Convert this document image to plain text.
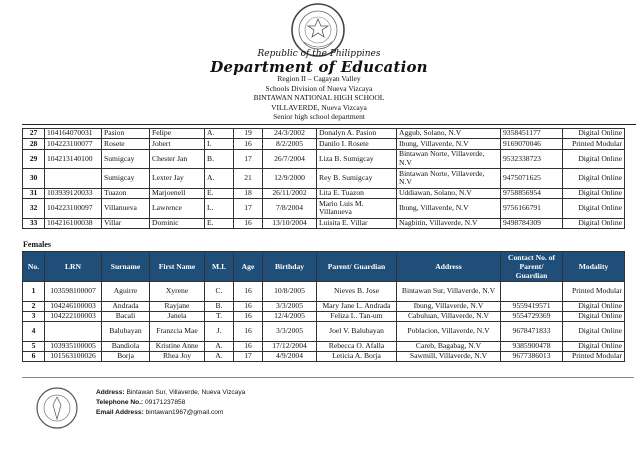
Republic of the Philippines
Department of Education
Region II – Cagayan Valley
Schools Division of Nueva Vizcaya
BINTAWAN NATIONAL HIGH SCHOOL
VILLAVERDE, Nueva Vizcaya
Senior high school department
27	104164070031	Pasion	Felipe	A.	19	24/3/2002	Donalyn A. Pasion	Aggub, Solano, N.V	9358451177	Digital Online
28	104223100077	Rosete	Jobert	I.	16	8/2/2005	Danilo I. Rosete	Ibung, Villaverde, N.V	9169070046	Printed Modular
29	104213140100	Sumigcay	Chester Jan	B.	17	26/7/2004	Liza B. Sumigcay	Bintawan Norte, Villaverde, N.V	9532338723	Digital Online
30		Sumigcay	Lexter Jay	A.	21	12/9/2000	Rey B. Sumigcay	Bintawan Norte, Villaverde, N.V	9475071625	Digital Online
31	103939120033	Tuazon	Marjoenell	E.	18	26/11/2002	Lita E. Tuazon	Uddiawan, Solano, N.V	9758856954	Digital Online
32	104223100097	Villanueva	Lawrence	L.	17	7/8/2004	Mario Luis M. Villanueva	Ibung, Villaverde, N.V	9756166791	Digital Online
33	104216100038	Villar	Dominic	E.	16	13/10/2004	Luisita E. Villar	Nagbitin, Villaverde, N.V	9498784309	Digital Online
Females
No.	LRN	Surname	First Name	M.I.	Age	Birthday	Parent/ Guardian	Address	Contact No. of Parent/ Guardian	Modality
1	103598100007	Aguirre	Xyrene	C.	16	10/8/2005	Nieves B. Jose	Bintawan Sur, Villaverde, N.V		Printed Modular
2	104246100003	Andrada	Rayjane	B.	16	3/3/2005	Mary Jane L. Andrada	Ibung, Villaverde, N.V	9559419571	Digital Online
3	104222100003	Bacali	Janela	T.	16	12/4/2005	Feliza L. Tan-um	Cabuluan, Villaverde, N.V	9554729369	Digital Online
4		Balubayan	Franzcia Mae	J.	16	3/3/2005	Joel V. Balubayan	Poblacion, Villaverde, N.V	9678471833	Digital Online
5	103935100005	Bandiola	Kristine Anne	A.	16	17/12/2004	Rebecca O. Afalla	Careb, Bagabag, N.V	9385900478	Digital Online
6	101563100026	Borja	Rhea Joy	A.	17	4/9/2004	Leticia A. Borja	Sawmill, Villaverde, N.V	9677386013	Printed Modular
Address: Bintawan Sur, Villaverde, Nueva Vizcaya
Telephone No.: 09171237858
Email Address: bintawan1967@gmail.com
